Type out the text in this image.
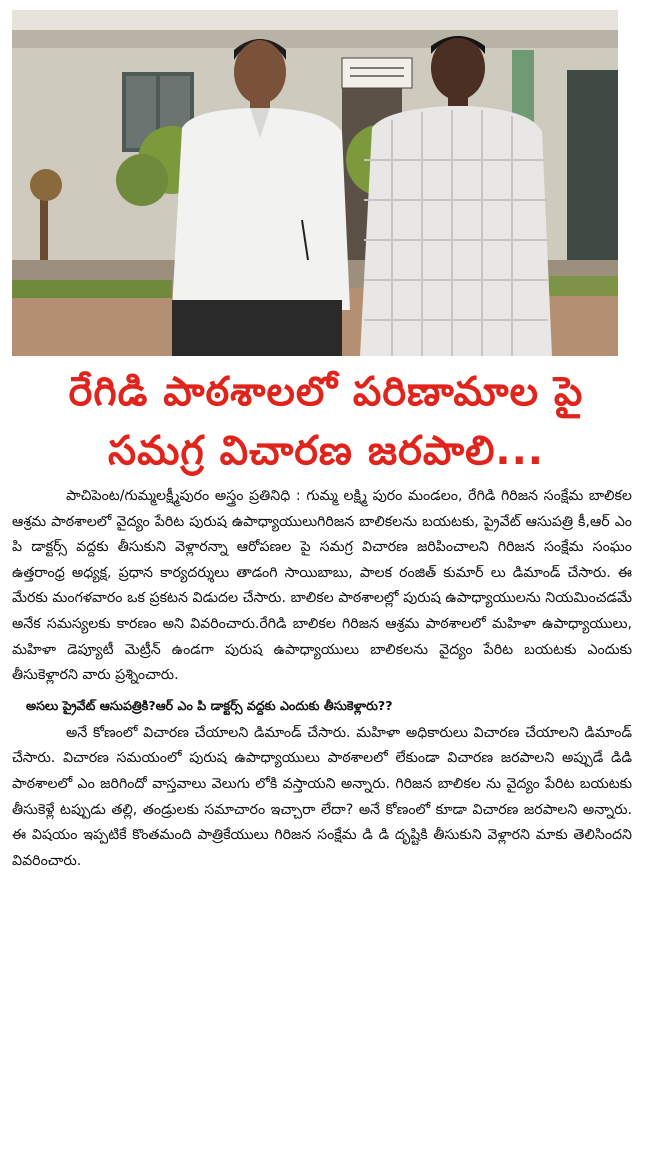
రేగిడి పాఠశాలలో పరిణామాల పై
సమగ్ర విచారణ జరపాలి...

పాచిపెంట/గుమ్మలక్ష్మీపురం అస్త్రం ప్రతినిధి : గుమ్మ లక్ష్మి పురం మండలం, రేగిడి గిరిజన సంక్షేమ బాలికల ఆశ్రమ పాఠశాలలో వైద్యం పేరిట పురుష ఉపాధ్యాయులుగిరిజన బాలికలను బయటకు, ప్రైవేట్ ఆసుపత్రి కీ,ఆర్ ఎం పి డాక్టర్స్ వద్దకు తీసుకుని వెళ్లారన్నా ఆరోపణల పై సమగ్ర విచారణ జరిపించాలని గిరిజన సంక్షేమ సంఘం ఉత్తరాంధ్ర అధ్యక్ష, ప్రధాన కార్యదర్శులు తాడంగి సాయిబాబు, పాలక రంజిత్ కుమార్ లు డిమాండ్ చేసారు. ఈ మేరకు మంగళవారం ఒక ప్రకటన విడుదల చేసారు. బాలికల పాఠశాలల్లో పురుష ఉపాధ్యాయులను నియమించడమే అనేక సమస్యలకు కారణం అని వివరించారు.రేగిడి బాలికల గిరిజన ఆశ్రమ పాఠశాలలో మహిళా ఉపాధ్యాయులు, మహిళా డెప్యూటీ మెట్రీన్ ఉండగా పురుష ఉపాధ్యాయులు బాలికలను వైద్యం పేరిట బయటకు ఎందుకు తీసుకెళ్లారని వారు ప్రశ్నించారు.

అసలు ప్రైవేట్ ఆసుపత్రికి?ఆర్ ఎం పి డాక్టర్స్ వద్దకు ఎందుకు తీసుకెళ్లారు??

అనే కోణంలో విచారణ చేయాలని డిమాండ్ చేసారు. మహిళా అధికారులు విచారణ చేయాలని డిమాండ్ చేసారు. విచారణ సమయంలో పురుష ఉపాధ్యాయులు పాఠశాలలో లేకుండా విచారణ జరపాలని అప్పుడే డిడి పాఠశాలలో ఎం జరిగిందో వాస్తవాలు వెలుగు లోకి వస్తాయని అన్నారు. గిరిజన బాలికల ను వైద్యం పేరిట బయటకు తీసుకెళ్లే టప్పుడు తల్లి, తండ్రులకు సమాచారం ఇచ్చారా లేదా? అనే కోణంలో కూడా విచారణ జరపాలని అన్నారు. ఈ విషయం ఇప్పటికే కొంతమంది పాత్రికేయులు గిరిజన సంక్షేమ డి డి దృష్టికి తీసుకుని వెళ్లారని మాకు తెలిసిందని వివరించారు.
